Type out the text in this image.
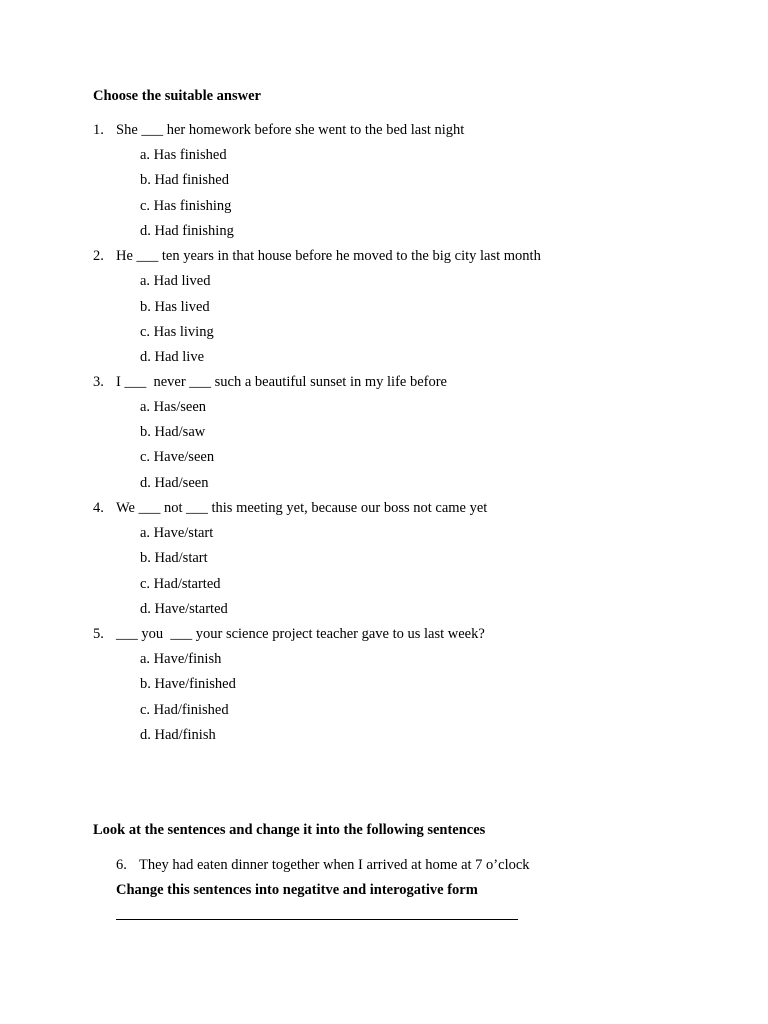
Choose the suitable answer
1. She ___ her homework before she went to the bed last night
a. Has finished
b. Had finished
c. Has finishing
d. Had finishing
2. He ___ ten years in that house before he moved to the big city last month
a. Had lived
b. Has lived
c. Has living
d. Had live
3. I ___  never ___ such a beautiful sunset in my life before
a. Has/seen
b. Had/saw
c. Have/seen
d. Had/seen
4. We ___ not ___ this meeting yet, because our boss not came yet
a. Have/start
b. Had/start
c. Had/started
d. Have/started
5. ___ you  ___ your science project teacher gave to us last week?
a. Have/finish
b. Have/finished
c. Had/finished
d. Had/finish
Look at the sentences and change it into the following sentences
6. They had eaten dinner together when I arrived at home at 7 o’clock
Change this sentences into negatitve and interogative form
